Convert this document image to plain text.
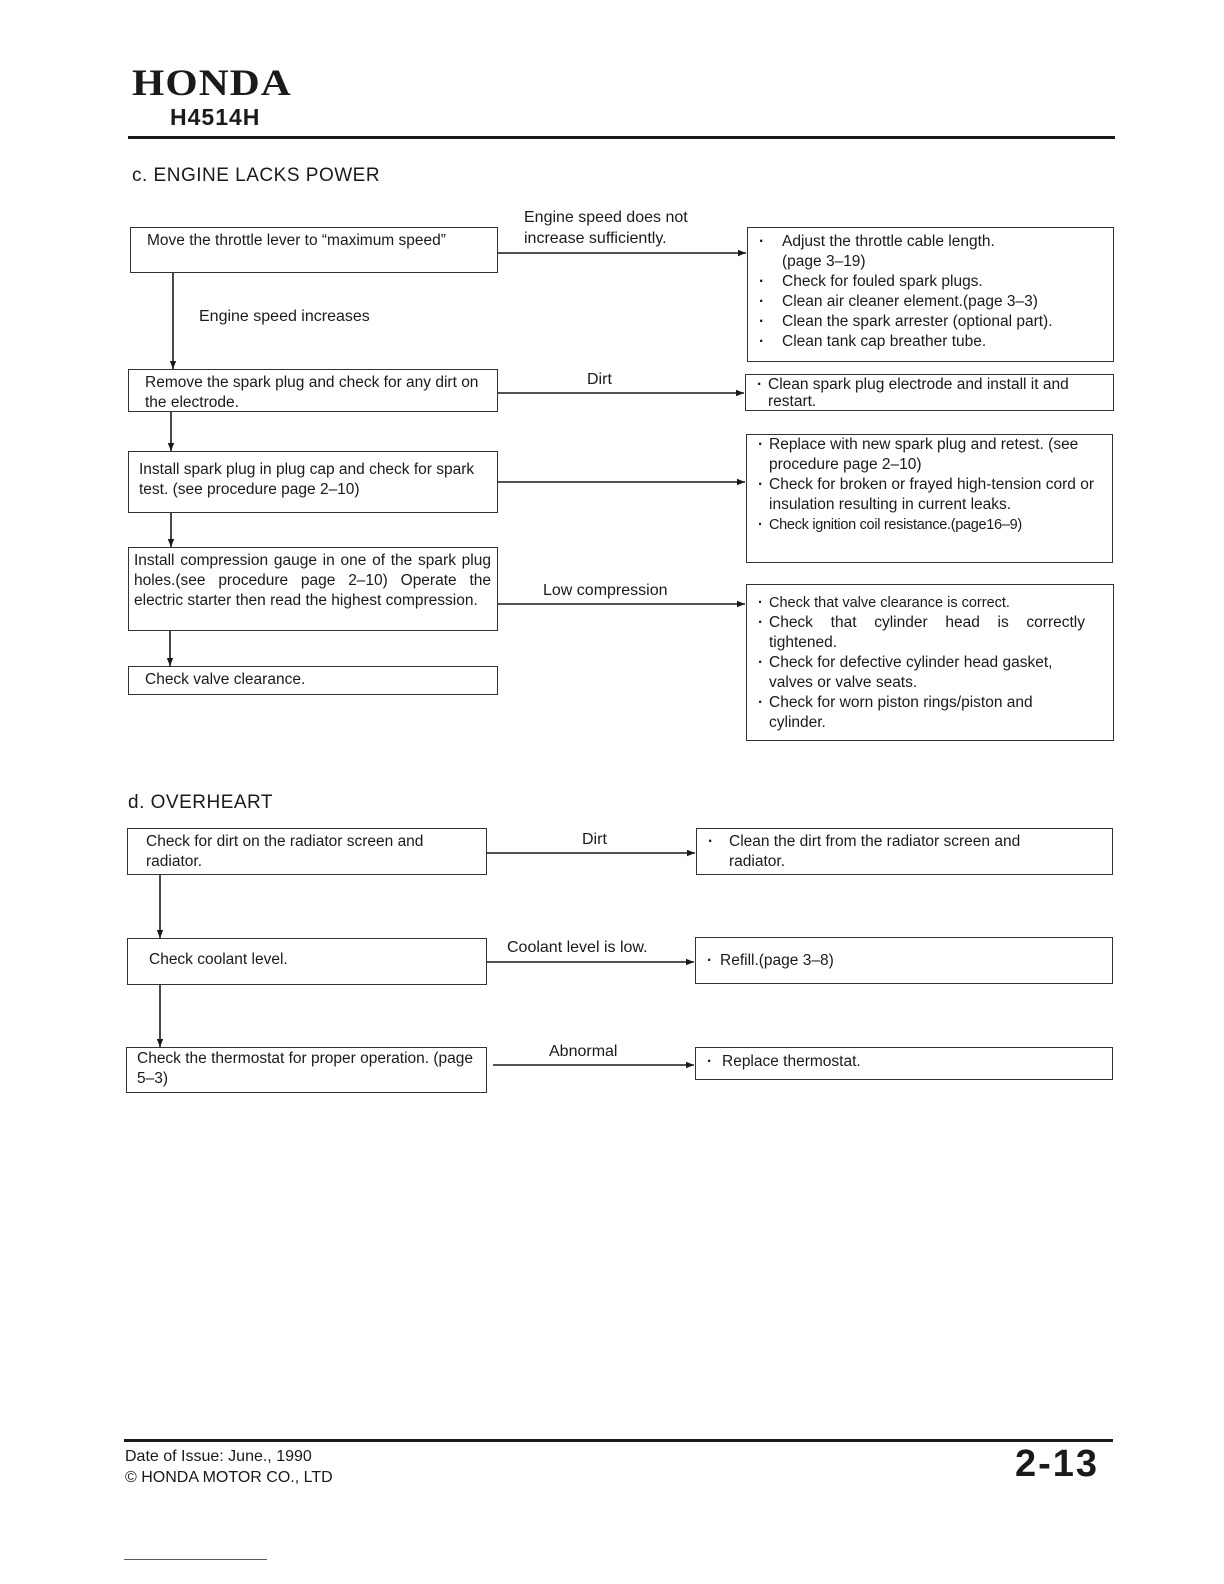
HONDA
H4514H
c. ENGINE LACKS POWER
Move the throttle lever to “maximum speed”
Remove the spark plug and check for any dirt on the electrode.
Install spark plug in plug cap and check for spark test. (see procedure page 2‒10)
Install compression gauge in one of the spark plug holes.(see procedure page 2‒10) Operate the electric starter then read the highest compression.
Check valve clearance.
Engine speed does not increase sufficiently.
Engine speed increases
Dirt
Low compression
· Adjust the throttle cable length. (page 3‒19)
· Check for fouled spark plugs.
· Clean air cleaner element.(page 3‒3)
· Clean the spark arrester (optional part).
· Clean tank cap breather tube.
· Clean spark plug electrode and install it and restart.
· Replace with new spark plug and retest. (see procedure page 2‒10)
· Check for broken or frayed high-tension cord or insulation resulting in current leaks.
· Check ignition coil resistance.(page16–9)
· Check that valve clearance is correct.
· Check that cylinder head is correctly tightened.
· Check for defective cylinder head gasket, valves or valve seats.
· Check for worn piston rings/piston and cylinder.
d. OVERHEART
Check for dirt on the radiator screen and radiator.
Check coolant level.
Check the thermostat for proper operation. (page 5‒3)
Dirt
Coolant level is low.
Abnormal
· Clean the dirt from the radiator screen and radiator.
· Refill.(page 3‒8)
· Replace thermostat.
Date of Issue: June., 1990
© HONDA MOTOR CO., LTD	2-13
